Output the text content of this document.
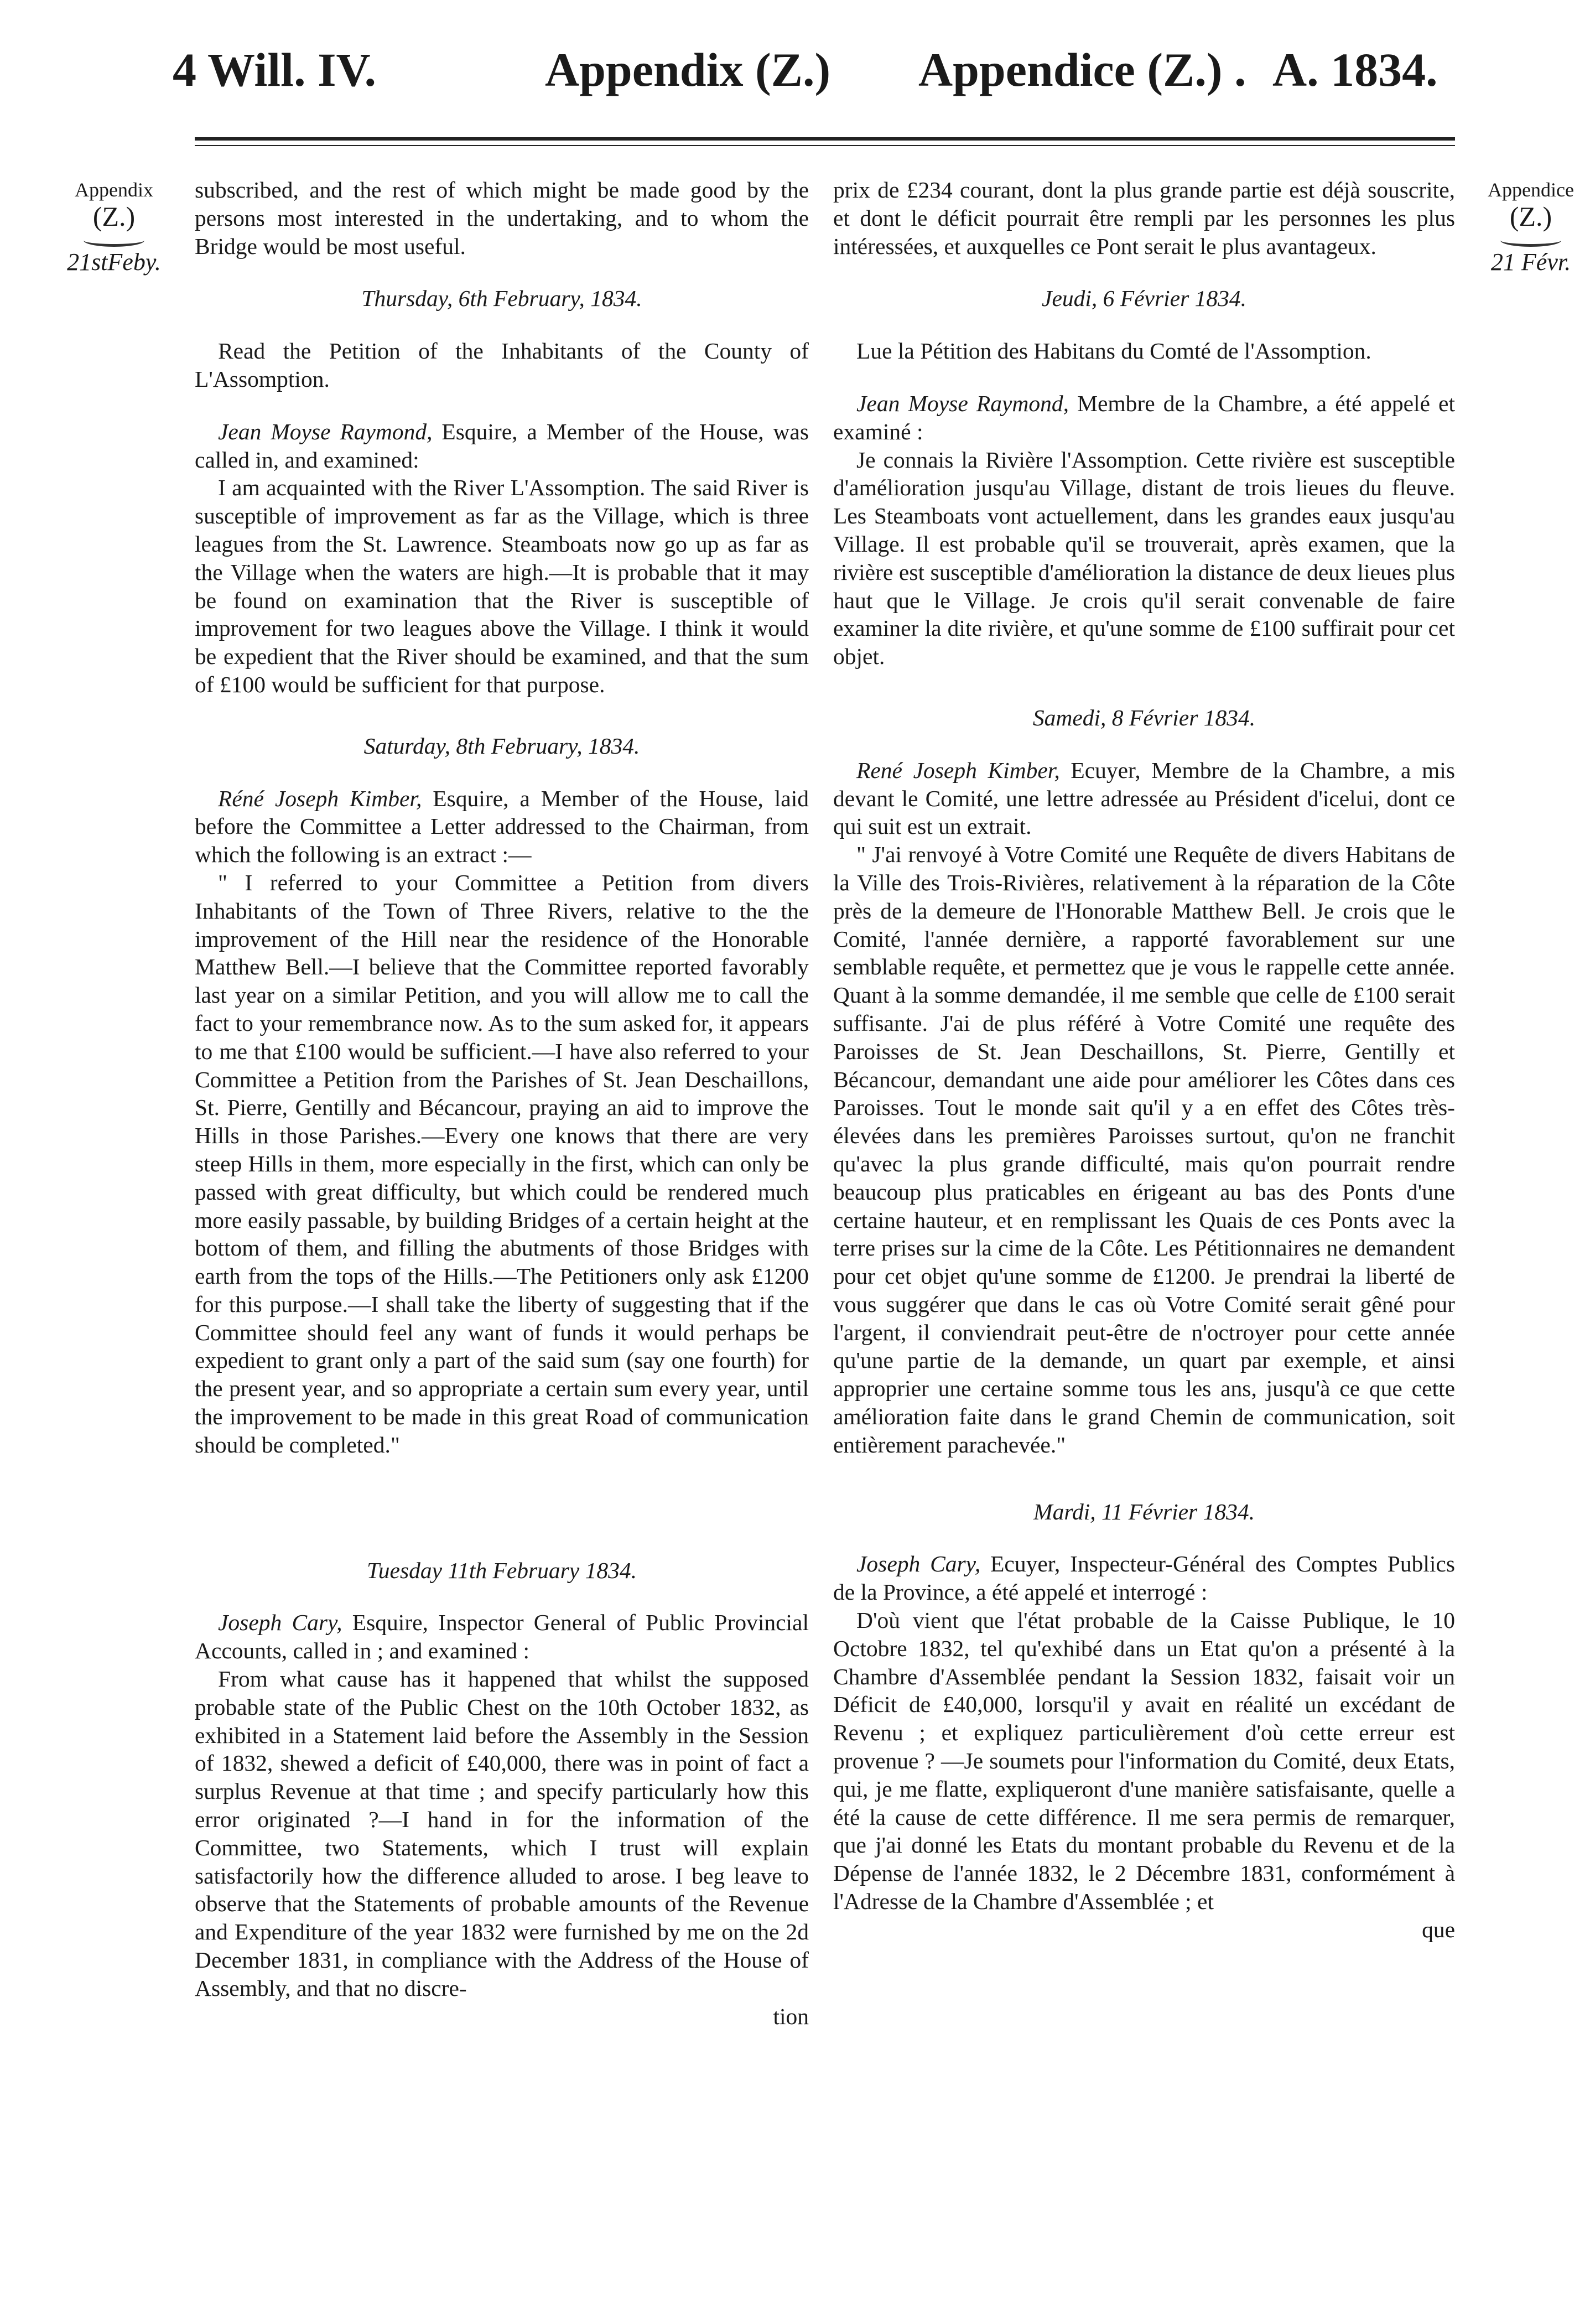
4 Will. IV.	Appendix (Z.) Appendice (Z.) . A. 1834.
Appendix
(Z.)
21stFeby.
Appendice
(Z.)
21 Févr.

subscribed, and the rest of which might be made good by the persons most interested in the undertaking, and to whom the Bridge would be most useful.

Thursday, 6th February, 1834.

Read the Petition of the Inhabitants of the County of L'Assomption.

Jean Moyse Raymond, Esquire, a Member of the House, was called in, and examined:

I am acquainted with the River L'Assomption. The said River is susceptible of improvement as far as the Village, which is three leagues from the St. Lawrence. Steamboats now go up as far as the Village when the waters are high.—It is probable that it may be found on examination that the River is susceptible of improvement for two leagues above the Village. I think it would be expedient that the River should be examined, and that the sum of £100 would be sufficient for that purpose.

Saturday, 8th February, 1834.

Réné Joseph Kimber, Esquire, a Member of the House, laid before the Committee a Letter addressed to the Chairman, from which the following is an extract :—

" I referred to your Committee a Petition from divers Inhabitants of the Town of Three Rivers, relative to the the improvement of the Hill near the residence of the Honorable Matthew Bell.—I believe that the Committee reported favorably last year on a similar Petition, and you will allow me to call the fact to your remembrance now. As to the sum asked for, it appears to me that £100 would be sufficient.—I have also referred to your Committee a Petition from the Parishes of St. Jean Deschaillons, St. Pierre, Gentilly and Bécancour, praying an aid to improve the Hills in those Parishes.—Every one knows that there are very steep Hills in them, more especially in the first, which can only be passed with great difficulty, but which could be rendered much more easily passable, by building Bridges of a certain height at the bottom of them, and filling the abutments of those Bridges with earth from the tops of the Hills.—The Petitioners only ask £1200 for this purpose.—I shall take the liberty of suggesting that if the Committee should feel any want of funds it would perhaps be expedient to grant only a part of the said sum (say one fourth) for the present year, and so appropriate a certain sum every year, until the improvement to be made in this great Road of communication should be completed."

Tuesday 11th February 1834.

Joseph Cary, Esquire, Inspector General of Public Provincial Accounts, called in ; and examined :

From what cause has it happened that whilst the supposed probable state of the Public Chest on the 10th October 1832, as exhibited in a Statement laid before the Assembly in the Session of 1832, shewed a deficit of £40,000, there was in point of fact a surplus Revenue at that time ; and specify particularly how this error originated ?—I hand in for the information of the Committee, two Statements, which I trust will explain satisfactorily how the difference alluded to arose. I beg leave to observe that the Statements of probable amounts of the Revenue and Expenditure of the year 1832 were furnished by me on the 2d December 1831, in compliance with the Address of the House of Assembly, and that no discre-

tion

prix de £234 courant, dont la plus grande partie est déjà souscrite, et dont le déficit pourrait être rempli par les personnes les plus intéressées, et auxquelles ce Pont serait le plus avantageux.

Jeudi, 6 Février 1834.

Lue la Pétition des Habitans du Comté de l'Assomption.

Jean Moyse Raymond, Membre de la Chambre, a été appelé et examiné :

Je connais la Rivière l'Assomption. Cette rivière est susceptible d'amélioration jusqu'au Village, distant de trois lieues du fleuve. Les Steamboats vont actuellement, dans les grandes eaux jusqu'au Village. Il est probable qu'il se trouverait, après examen, que la rivière est susceptible d'amélioration la distance de deux lieues plus haut que le Village. Je crois qu'il serait convenable de faire examiner la dite rivière, et qu'une somme de £100 suffirait pour cet objet.

Samedi, 8 Février 1834.

René Joseph Kimber, Ecuyer, Membre de la Chambre, a mis devant le Comité, une lettre adressée au Président d'icelui, dont ce qui suit est un extrait.

" J'ai renvoyé à Votre Comité une Requête de divers Habitans de la Ville des Trois-Rivières, relativement à la réparation de la Côte près de la demeure de l'Honorable Matthew Bell. Je crois que le Comité, l'année dernière, a rapporté favorablement sur une semblable requête, et permettez que je vous le rappelle cette année. Quant à la somme demandée, il me semble que celle de £100 serait suffisante. J'ai de plus référé à Votre Comité une requête des Paroisses de St. Jean Deschaillons, St. Pierre, Gentilly et Bécancour, demandant une aide pour améliorer les Côtes dans ces Paroisses. Tout le monde sait qu'il y a en effet des Côtes très-élevées dans les premières Paroisses surtout, qu'on ne franchit qu'avec la plus grande difficulté, mais qu'on pourrait rendre beaucoup plus praticables en érigeant au bas des Ponts d'une certaine hauteur, et en remplissant les Quais de ces Ponts avec la terre prises sur la cime de la Côte. Les Pétitionnaires ne demandent pour cet objet qu'une somme de £1200. Je prendrai la liberté de vous suggérer que dans le cas où Votre Comité serait gêné pour l'argent, il conviendrait peut-être de n'octroyer pour cette année qu'une partie de la demande, un quart par exemple, et ainsi approprier une certaine somme tous les ans, jusqu'à ce que cette amélioration faite dans le grand Chemin de communication, soit entièrement parachevée."

Mardi, 11 Février 1834.

Joseph Cary, Ecuyer, Inspecteur-Général des Comptes Publics de la Province, a été appelé et interrogé :

D'où vient que l'état probable de la Caisse Publique, le 10 Octobre 1832, tel qu'exhibé dans un Etat qu'on a présenté à la Chambre d'Assemblée pendant la Session 1832, faisait voir un Déficit de £40,000, lorsqu'il y avait en réalité un excédant de Revenu ; et expliquez particulièrement d'où cette erreur est provenue ? —Je soumets pour l'information du Comité, deux Etats, qui, je me flatte, expliqueront d'une manière satisfaisante, quelle a été la cause de cette différence. Il me sera permis de remarquer, que j'ai donné les Etats du montant probable du Revenu et de la Dépense de l'année 1832, le 2 Décembre 1831, conformément à l'Adresse de la Chambre d'Assemblée ; et

que
